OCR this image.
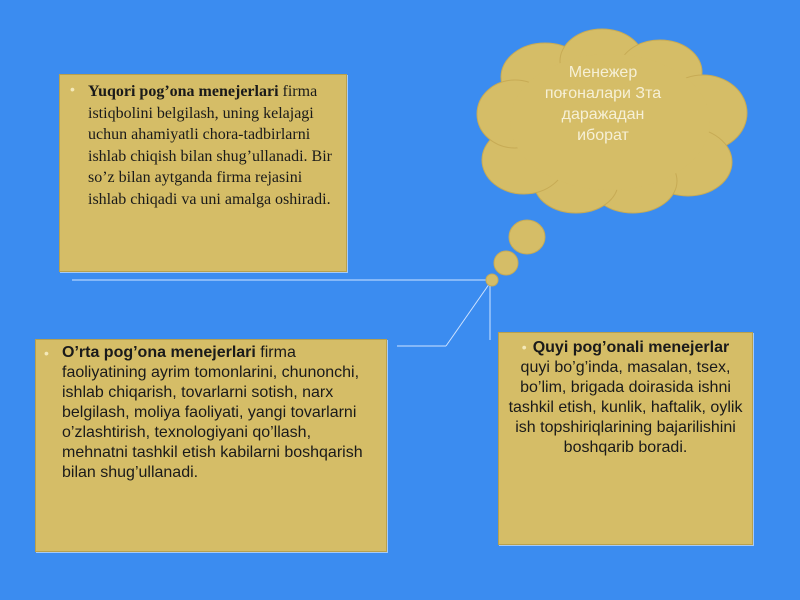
Менежер поғоналари Зта даражадан иборат
• Yuqori pog’ona menejerlari firma istiqbolini belgilash, uning kelajagi uchun ahamiyatli chora-tadbirlarni ishlab chiqish bilan shug’ullanadi. Bir so’z bilan aytganda firma rejasini ishlab chiqadi va uni amalga oshiradi.
• O’rta pog’ona menejerlari firma faoliyatining ayrim tomonlarini, chunonchi, ishlab chiqarish, tovarlarni sotish, narx belgilash, moliya faoliyati, yangi tovarlarni o’zlashtirish, texnologiyani qo’llash, mehnatni tashkil etish kabilarni boshqarish bilan shug’ullanadi.
• Quyi pog’onali menejerlar quyi bo’g’inda, masalan, tsex, bo’lim, brigada doirasida ishni tashkil etish, kunlik, haftalik, oylik ish topshiriqlarining bajarilishini boshqarib boradi.
